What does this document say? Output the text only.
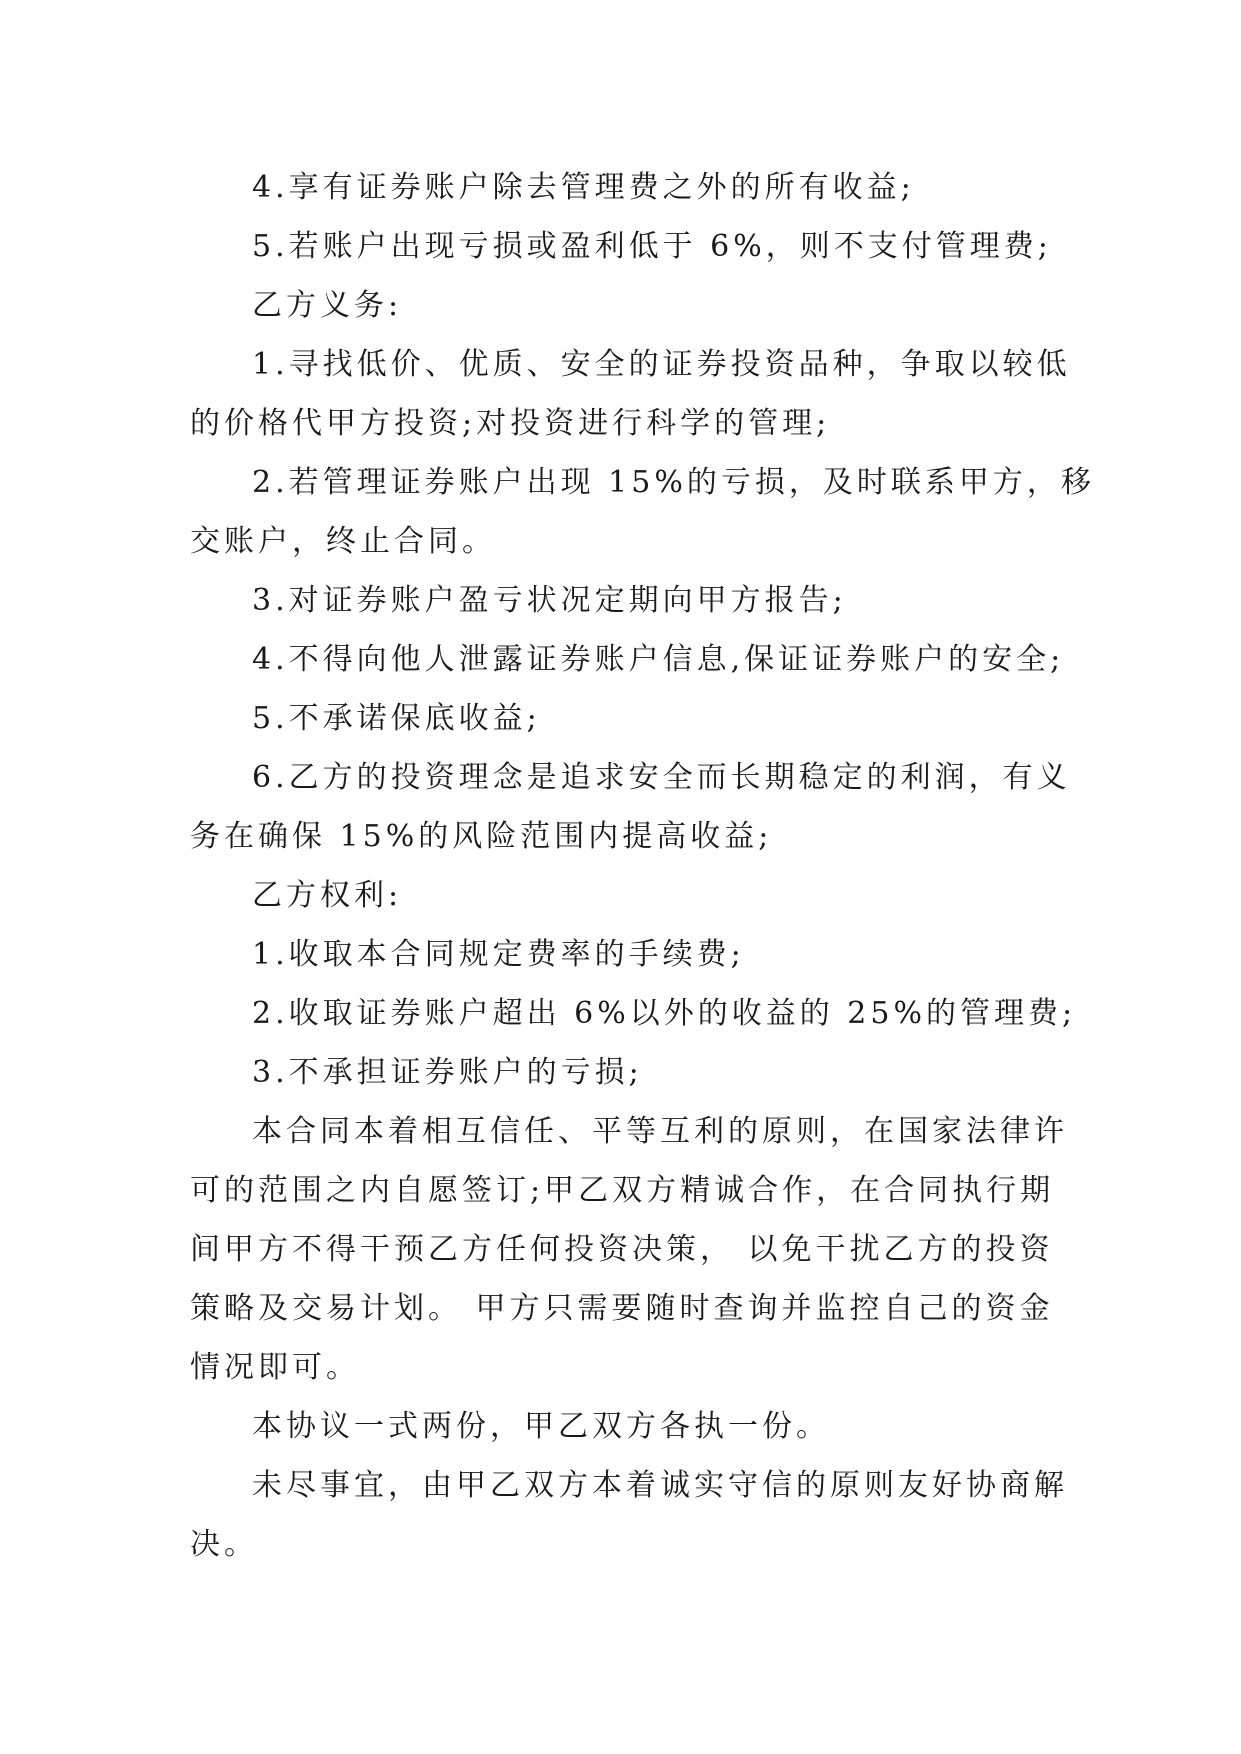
4.享有证券账户除去管理费之外的所有收益;
5.若账户出现亏损或盈利低于 6%，则不支付管理费;
乙方义务:
1.寻找低价、优质、安全的证券投资品种，争取以较低
的价格代甲方投资;对投资进行科学的管理;
2.若管理证券账户出现 15%的亏损，及时联系甲方，移
交账户，终止合同。
3.对证券账户盈亏状况定期向甲方报告;
4.不得向他人泄露证券账户信息,保证证券账户的安全;
5.不承诺保底收益;
6.乙方的投资理念是追求安全而长期稳定的利润，有义
务在确保 15%的风险范围内提高收益;
乙方权利:
1.收取本合同规定费率的手续费;
2.收取证券账户超出 6%以外的收益的 25%的管理费;
3.不承担证券账户的亏损;
本合同本着相互信任、平等互利的原则，在国家法律许
可的范围之内自愿签订;甲乙双方精诚合作，在合同执行期
间甲方不得干预乙方任何投资决策， 以免干扰乙方的投资
策略及交易计划。 甲方只需要随时查询并监控自己的资金
情况即可。
本协议一式两份，甲乙双方各执一份。
未尽事宜，由甲乙双方本着诚实守信的原则友好协商解
决。
